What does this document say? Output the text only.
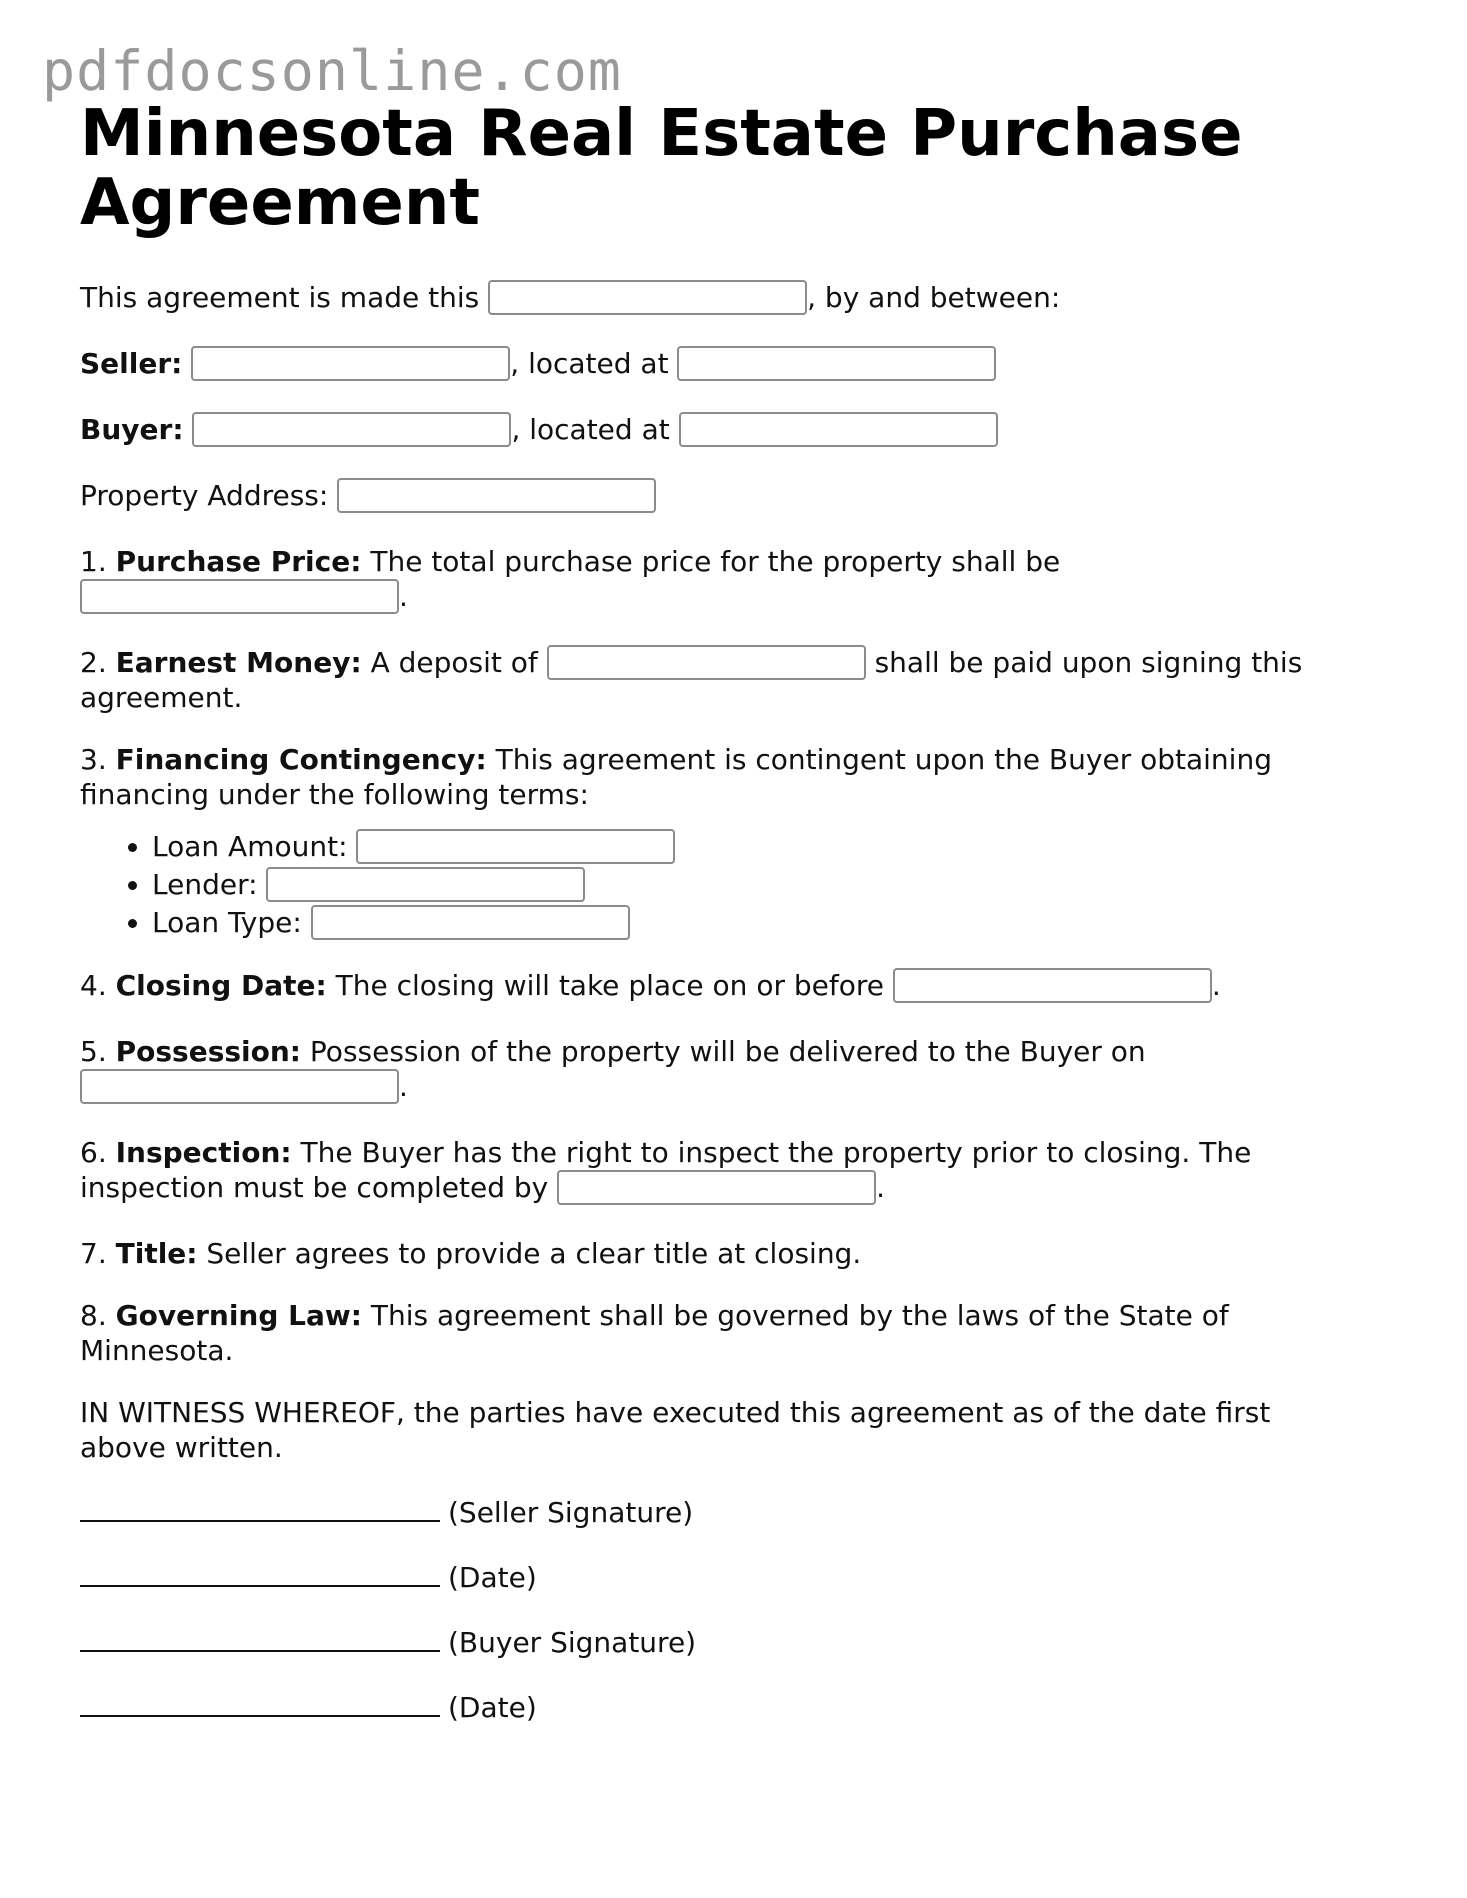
pdfdocsonline.com
Minnesota Real Estate Purchase Agreement

This agreement is made this	, by and between:

Seller:	, located at

Buyer:	, located at

Property Address:

1. Purchase Price: The total purchase price for the property shall be
.

2. Earnest Money: A deposit of	shall be paid upon signing this agreement.

3. Financing Contingency: This agreement is contingent upon the Buyer obtaining financing under the following terms:

• Loan Amount:
• Lender:
• Loan Type:

4. Closing Date: The closing will take place on or before	.

5. Possession: Possession of the property will be delivered to the Buyer on
.

6. Inspection: The Buyer has the right to inspect the property prior to closing. The inspection must be completed by	.

7. Title: Seller agrees to provide a clear title at closing.

8. Governing Law: This agreement shall be governed by the laws of the State of Minnesota.

IN WITNESS WHEREOF, the parties have executed this agreement as of the date first above written.

(Seller Signature)
(Date)
(Buyer Signature)
(Date)
